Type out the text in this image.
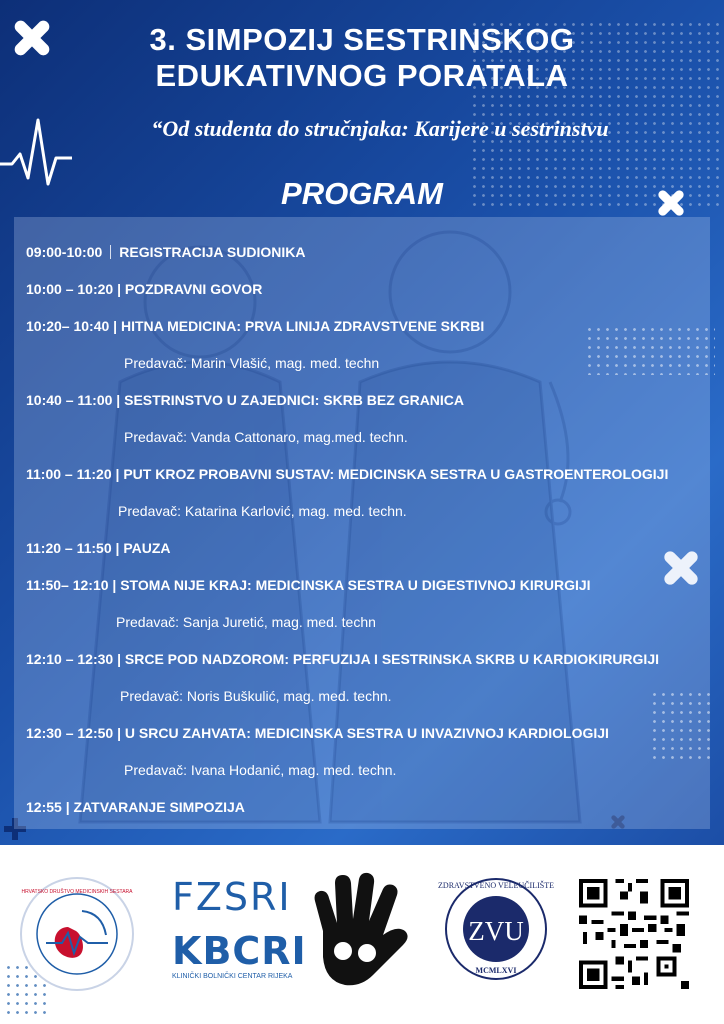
3. SIMPOZIJ SESTRINSKOG
EDUKATIVNOG PORATALA
“Od studenta do stručnjaka: Karijere u sestrinstvu
PROGRAM
09:00-10:00 REGISTRACIJA SUDIONIKA
10:00 – 10:20 | POZDRAVNI GOVOR
10:20– 10:40 | HITNA MEDICINA: PRVA LINIJA ZDRAVSTVENE SKRBI
Predavač: Marin Vlašić, mag. med. techn
10:40 – 11:00 | SESTRINSTVO U ZAJEDNICI: SKRB BEZ GRANICA
Predavač: Vanda Cattonaro, mag.med. techn.
11:00 – 11:20 | PUT KROZ PROBAVNI SUSTAV: MEDICINSKA SESTRA U GASTROENTEROLOGIJI
Predavač: Katarina Karlović, mag. med. techn.
11:20 – 11:50 | PAUZA
11:50– 12:10 | STOMA NIJE KRAJ: MEDICINSKA SESTRA U DIGESTIVNOJ KIRURGIJI
Predavač: Sanja Juretić, mag. med. techn
12:10 – 12:30 | SRCE POD NADZOROM: PERFUZIJA I SESTRINSKA SKRB U KARDIOKIRURGIJI
Predavač: Noris Buškulić, mag. med. techn.
12:30 – 12:50 | U SRCU ZAHVATA: MEDICINSKA SESTRA U INVAZIVNOJ KARDIOLOGIJI
Predavač: Ivana Hodanić, mag. med. techn.
12:55 | ZATVARANJE SIMPOZIJA
HRVATSKO DRUŠTVO MEDICINSKIH SESTARA FZSRI
KBCRI
KLINIČKI BOLNIČKI CENTAR RIJEKA
ZVU
ZDRAVSTVENO VELEUČILIŠTE
MCMLXVI
